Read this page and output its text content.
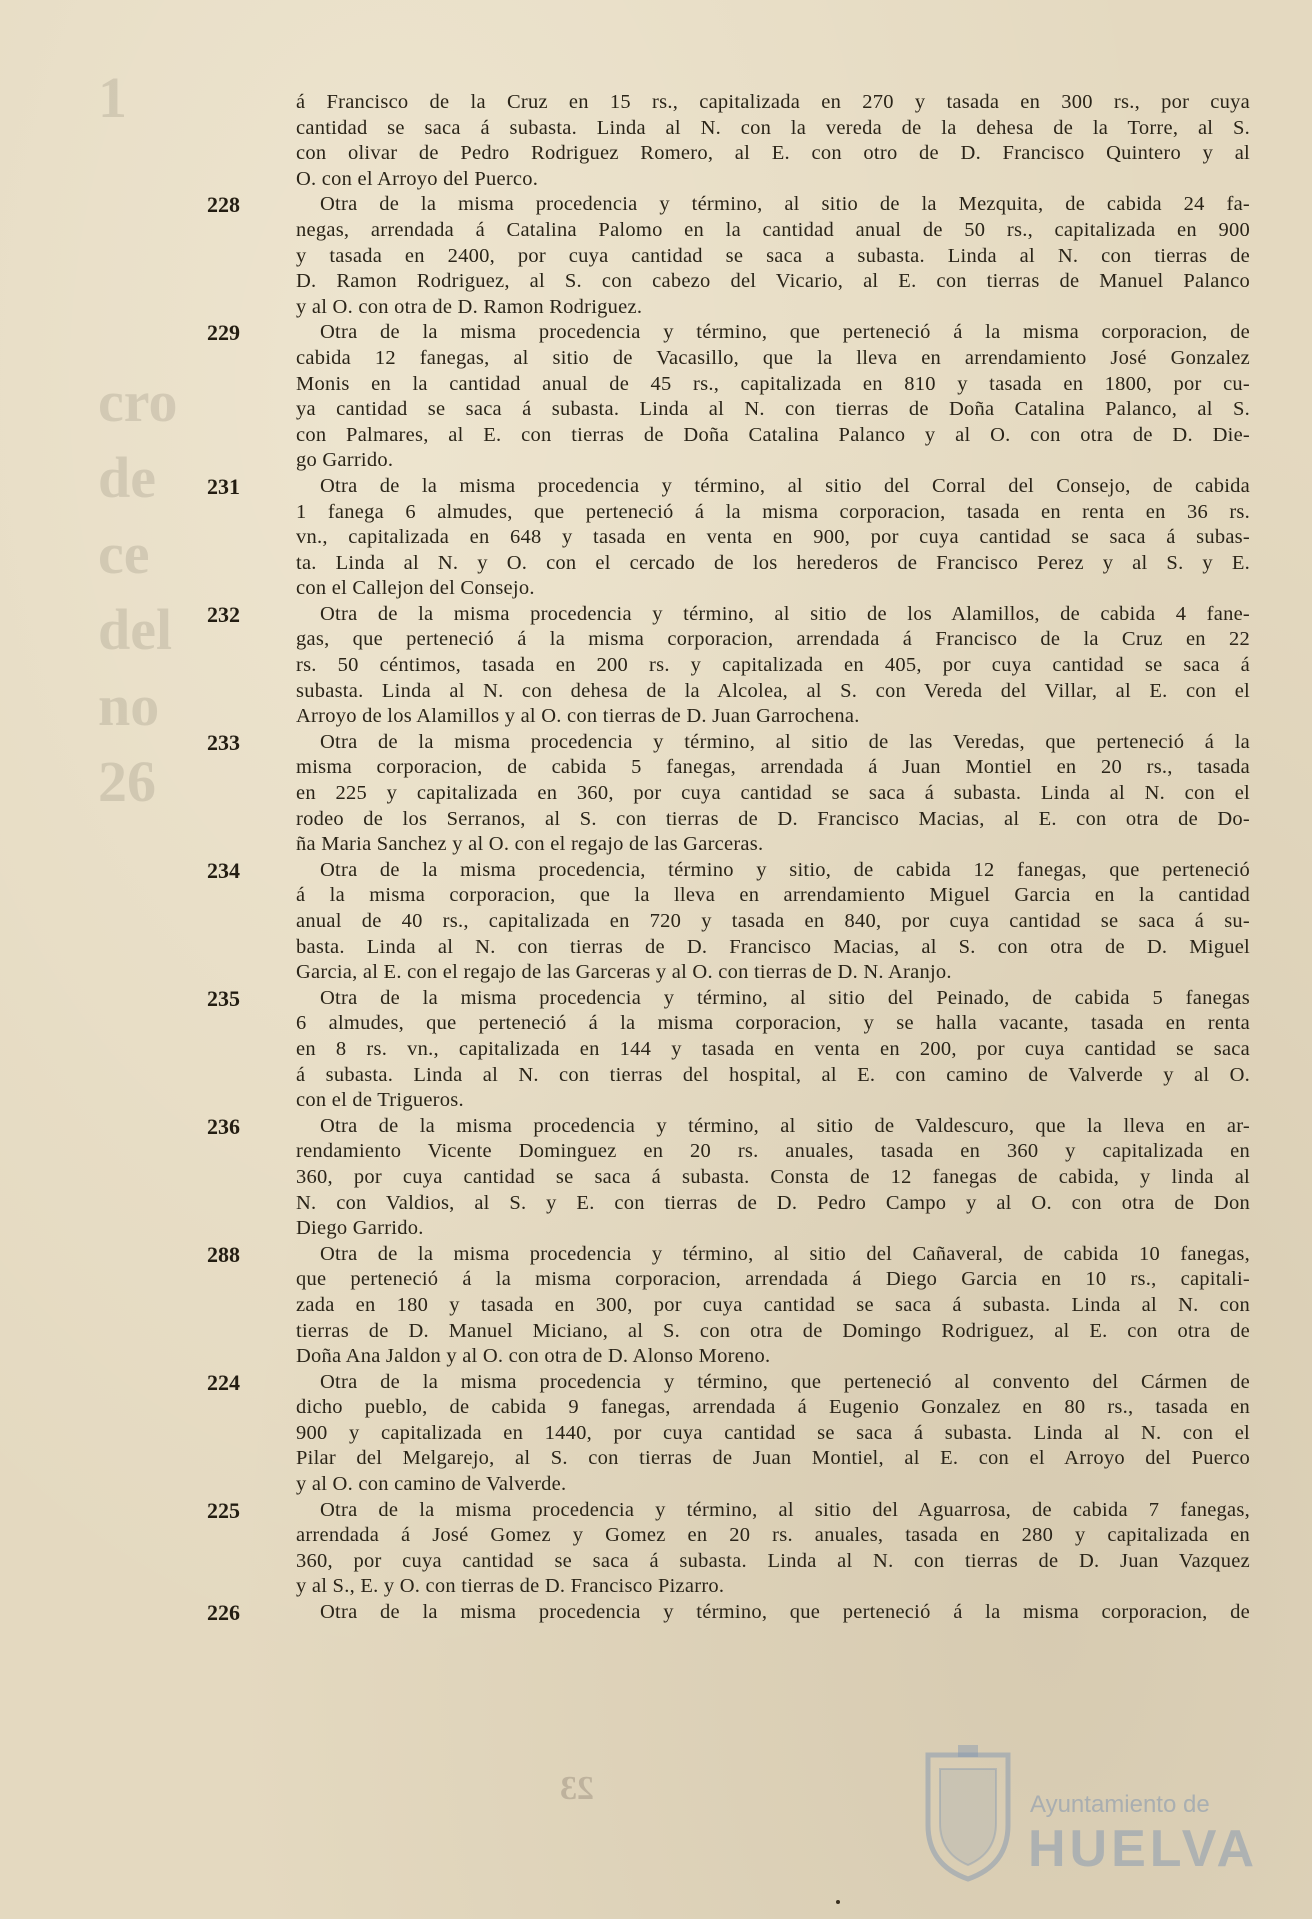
1

cro
de
ce
del
no 26
á Francisco de la Cruz en 15 rs., capitalizada en 270 y tasada en 300 rs., por cuya
cantidad se saca á subasta. Linda al N. con la vereda de la dehesa de la Torre, al S.
con olivar de Pedro Rodriguez Romero, al E. con otro de D. Francisco Quintero y al
O. con el Arroyo del Puerco.
228	Otra de la misma procedencia y término, al sitio de la Mezquita, de cabida 24 fa-
negas, arrendada á Catalina Palomo en la cantidad anual de 50 rs., capitalizada en 900
y tasada en 2400, por cuya cantidad se saca a subasta. Linda al N. con tierras de
D. Ramon Rodriguez, al S. con cabezo del Vicario, al E. con tierras de Manuel Palanco
y al O. con otra de D. Ramon Rodriguez.
229	Otra de la misma procedencia y término, que perteneció á la misma corporacion, de
cabida 12 fanegas, al sitio de Vacasillo, que la lleva en arrendamiento José Gonzalez
Monis en la cantidad anual de 45 rs., capitalizada en 810 y tasada en 1800, por cu-
ya cantidad se saca á subasta. Linda al N. con tierras de Doña Catalina Palanco, al S.
con Palmares, al E. con tierras de Doña Catalina Palanco y al O. con otra de D. Die-
go Garrido.
231	Otra de la misma procedencia y término, al sitio del Corral del Consejo, de cabida
1 fanega 6 almudes, que perteneció á la misma corporacion, tasada en renta en 36 rs.
vn., capitalizada en 648 y tasada en venta en 900, por cuya cantidad se saca á subas-
ta. Linda al N. y O. con el cercado de los herederos de Francisco Perez y al S. y E.
con el Callejon del Consejo.
232	Otra de la misma procedencia y término, al sitio de los Alamillos, de cabida 4 fane-
gas, que perteneció á la misma corporacion, arrendada á Francisco de la Cruz en 22
rs. 50 céntimos, tasada en 200 rs. y capitalizada en 405, por cuya cantidad se saca á
subasta. Linda al N. con dehesa de la Alcolea, al S. con Vereda del Villar, al E. con el
Arroyo de los Alamillos y al O. con tierras de D. Juan Garrochena.
233	Otra de la misma procedencia y término, al sitio de las Veredas, que perteneció á la
misma corporacion, de cabida 5 fanegas, arrendada á Juan Montiel en 20 rs., tasada
en 225 y capitalizada en 360, por cuya cantidad se saca á subasta. Linda al N. con el
rodeo de los Serranos, al S. con tierras de D. Francisco Macias, al E. con otra de Do-
ña Maria Sanchez y al O. con el regajo de las Garceras.
234	Otra de la misma procedencia, término y sitio, de cabida 12 fanegas, que perteneció
á la misma corporacion, que la lleva en arrendamiento Miguel Garcia en la cantidad
anual de 40 rs., capitalizada en 720 y tasada en 840, por cuya cantidad se saca á su-
basta. Linda al N. con tierras de D. Francisco Macias, al S. con otra de D. Miguel
Garcia, al E. con el regajo de las Garceras y al O. con tierras de D. N. Aranjo.
235	Otra de la misma procedencia y término, al sitio del Peinado, de cabida 5 fanegas
6 almudes, que perteneció á la misma corporacion, y se halla vacante, tasada en renta
en 8 rs. vn., capitalizada en 144 y tasada en venta en 200, por cuya cantidad se saca
á subasta. Linda al N. con tierras del hospital, al E. con camino de Valverde y al O.
con el de Trigueros.
236	Otra de la misma procedencia y término, al sitio de Valdescuro, que la lleva en ar-
rendamiento Vicente Dominguez en 20 rs. anuales, tasada en 360 y capitalizada en
360, por cuya cantidad se saca á subasta. Consta de 12 fanegas de cabida, y linda al
N. con Valdios, al S. y E. con tierras de D. Pedro Campo y al O. con otra de Don
Diego Garrido.
288	Otra de la misma procedencia y término, al sitio del Cañaveral, de cabida 10 fanegas,
que perteneció á la misma corporacion, arrendada á Diego Garcia en 10 rs., capitali-
zada en 180 y tasada en 300, por cuya cantidad se saca á subasta. Linda al N. con
tierras de D. Manuel Miciano, al S. con otra de Domingo Rodriguez, al E. con otra de
Doña Ana Jaldon y al O. con otra de D. Alonso Moreno.
224	Otra de la misma procedencia y término, que perteneció al convento del Cármen de
dicho pueblo, de cabida 9 fanegas, arrendada á Eugenio Gonzalez en 80 rs., tasada en
900 y capitalizada en 1440, por cuya cantidad se saca á subasta. Linda al N. con el
Pilar del Melgarejo, al S. con tierras de Juan Montiel, al E. con el Arroyo del Puerco
y al O. con camino de Valverde.
225	Otra de la misma procedencia y término, al sitio del Aguarrosa, de cabida 7 fanegas,
arrendada á José Gomez y Gomez en 20 rs. anuales, tasada en 280 y capitalizada en
360, por cuya cantidad se saca á subasta. Linda al N. con tierras de D. Juan Vazquez
y al S., E. y O. con tierras de D. Francisco Pizarro.
226	Otra de la misma procedencia y término, que perteneció á la misma corporacion, de
23	Ayuntamiento de
HUELVA
